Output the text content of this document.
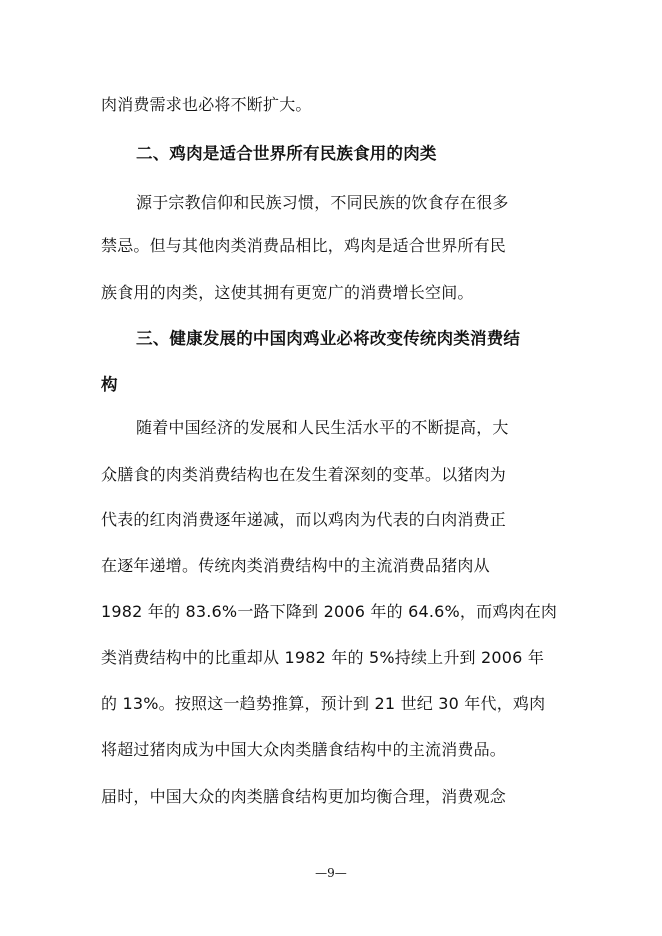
肉消费需求也必将不断扩大。
二、鸡肉是适合世界所有民族食用的肉类
源于宗教信仰和民族习惯，不同民族的饮食存在很多
禁忌。但与其他肉类消费品相比，鸡肉是适合世界所有民
族食用的肉类，这使其拥有更宽广的消费增长空间。
三、健康发展的中国肉鸡业必将改变传统肉类消费结
构
随着中国经济的发展和人民生活水平的不断提高，大
众膳食的肉类消费结构也在发生着深刻的变革。以猪肉为
代表的红肉消费逐年递减，而以鸡肉为代表的白肉消费正
在逐年递增。传统肉类消费结构中的主流消费品猪肉从
1982 年的 83.6%一路下降到 2006 年的 64.6%，而鸡肉在肉
类消费结构中的比重却从 1982 年的 5%持续上升到 2006 年
的 13%。按照这一趋势推算，预计到 21 世纪 30 年代，鸡肉
将超过猪肉成为中国大众肉类膳食结构中的主流消费品。
届时，中国大众的肉类膳食结构更加均衡合理，消费观念
—9—
